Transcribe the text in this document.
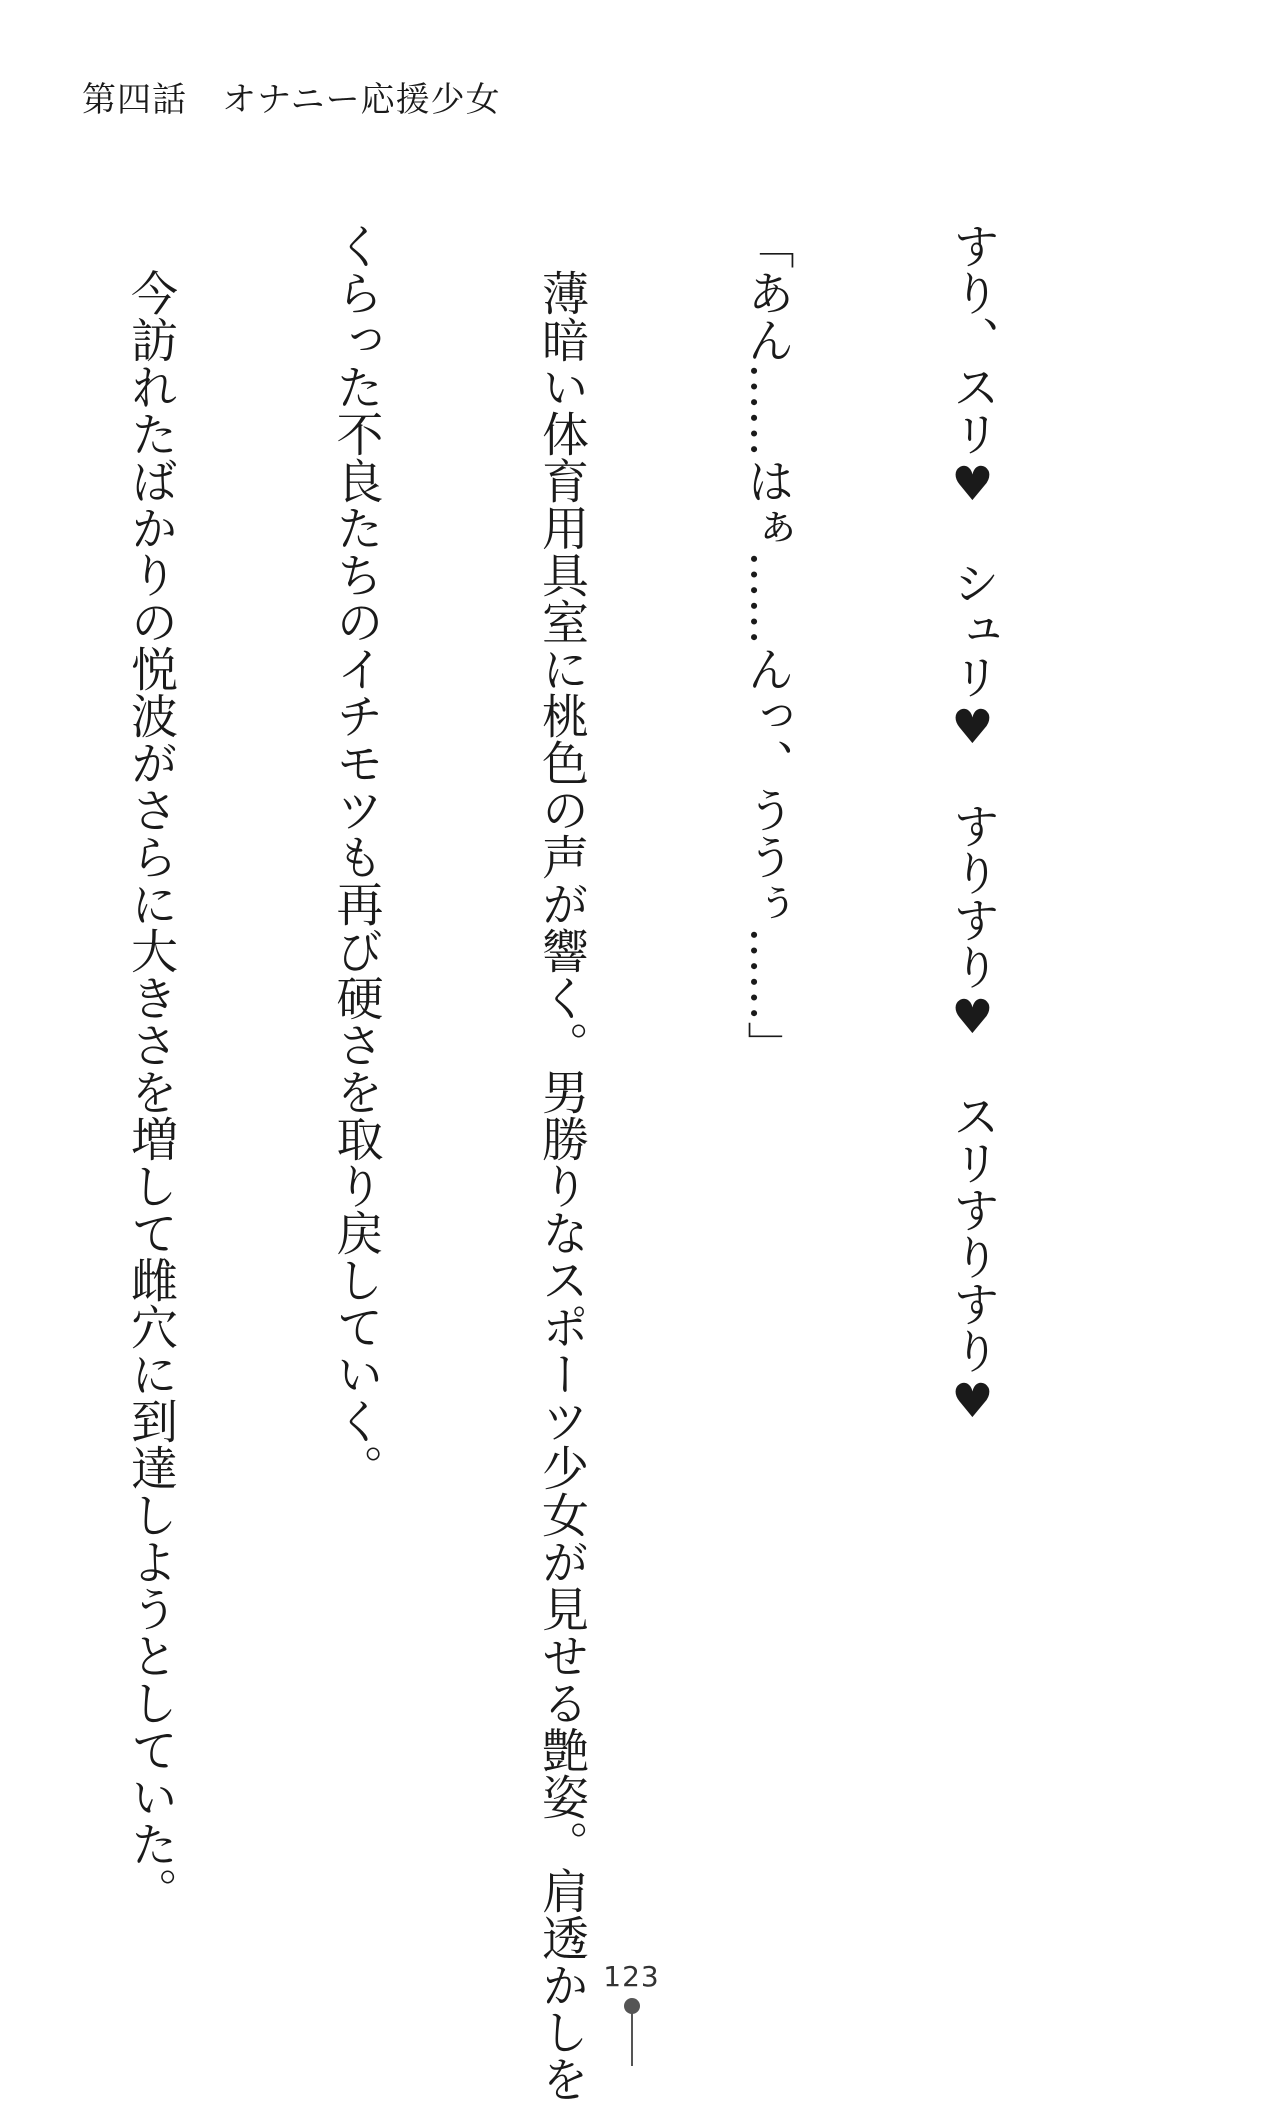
第四話　オナニー応援少女

すり、スリ♥　シュリ♥　すりすり♥　スリすりすり♥

「あん……はぁ……んっ、ううぅ……」

　薄暗い体育用具室に桃色の声が響く。男勝りなスポーツ少女が見せる艶姿。肩透かしを

くらった不良たちのイチモツも再び硬さを取り戻していく。

　今訪れたばかりの悦波がさらに大きさを増して雌穴に到達しようとしていた。

123
